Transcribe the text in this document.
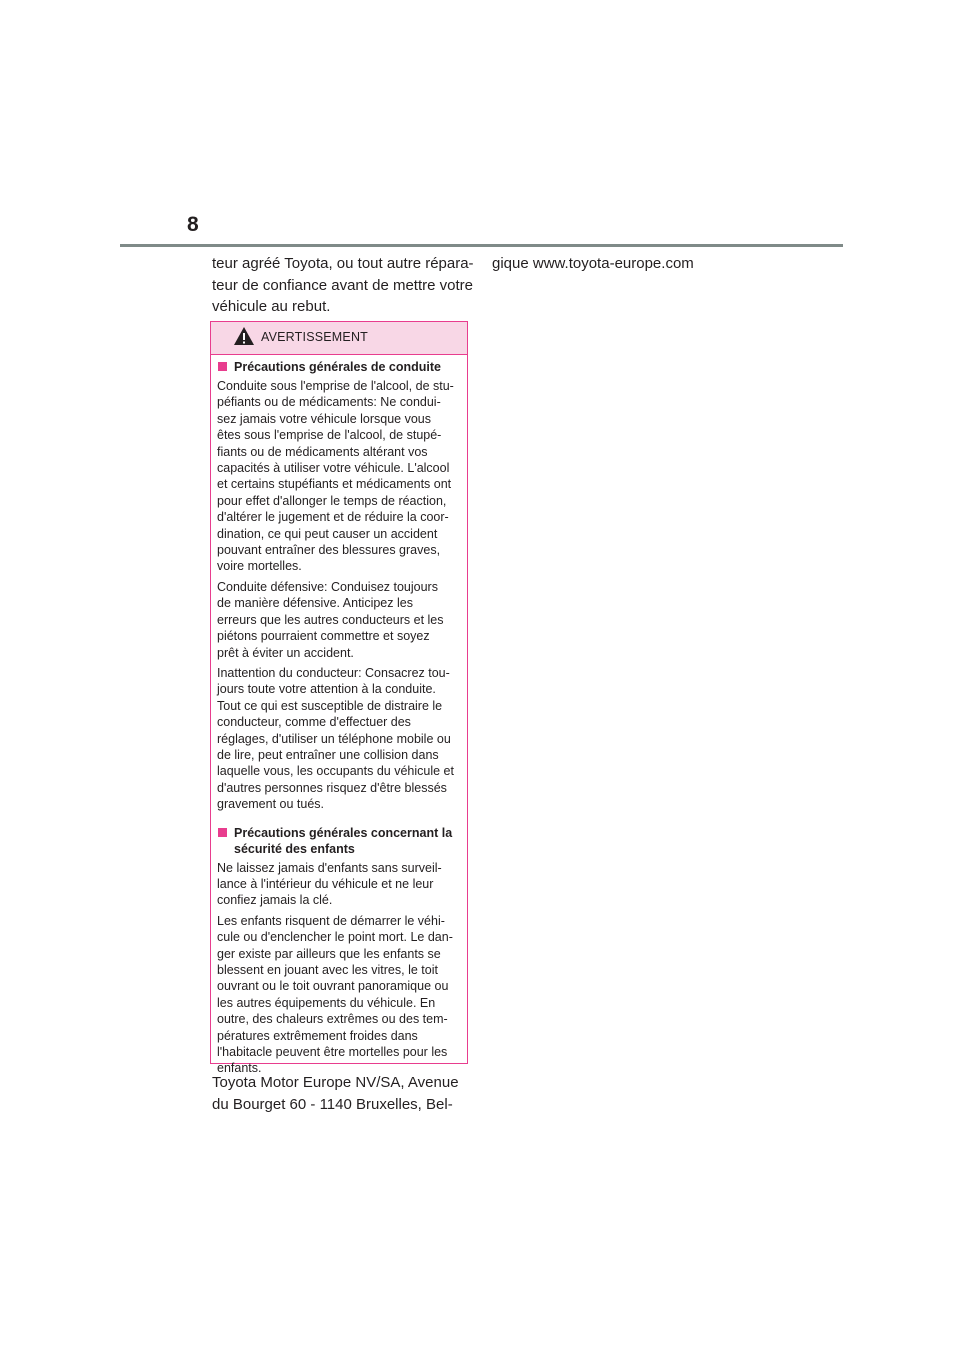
8

teur agréé Toyota, ou tout autre répara-
teur de confiance avant de mettre votre
véhicule au rebut.

gique www.toyota-europe.com

AVERTISSEMENT
Précautions générales de conduite

Conduite sous l'emprise de l'alcool, de stu-
péfiants ou de médicaments: Ne condui-
sez jamais votre véhicule lorsque vous
êtes sous l'emprise de l'alcool, de stupé-
fiants ou de médicaments altérant vos
capacités à utiliser votre véhicule. L'alcool
et certains stupéfiants et médicaments ont
pour effet d'allonger le temps de réaction,
d'altérer le jugement et de réduire la coor-
dination, ce qui peut causer un accident
pouvant entraîner des blessures graves,
voire mortelles.

Conduite défensive: Conduisez toujours
de manière défensive. Anticipez les
erreurs que les autres conducteurs et les
piétons pourraient commettre et soyez
prêt à éviter un accident.

Inattention du conducteur: Consacrez tou-
jours toute votre attention à la conduite.
Tout ce qui est susceptible de distraire le
conducteur, comme d'effectuer des
réglages, d'utiliser un téléphone mobile ou
de lire, peut entraîner une collision dans
laquelle vous, les occupants du véhicule et
d'autres personnes risquez d'être blessés
gravement ou tués.

Précautions générales concernant la
sécurité des enfants

Ne laissez jamais d'enfants sans surveil-
lance à l'intérieur du véhicule et ne leur
confiez jamais la clé.

Les enfants risquent de démarrer le véhi-
cule ou d'enclencher le point mort. Le dan-
ger existe par ailleurs que les enfants se
blessent en jouant avec les vitres, le toit
ouvrant ou le toit ouvrant panoramique ou
les autres équipements du véhicule. En
outre, des chaleurs extrêmes ou des tem-
pératures extrêmement froides dans
l'habitacle peuvent être mortelles pour les
enfants.

Toyota Motor Europe NV/SA, Avenue
du Bourget 60 - 1140 Bruxelles, Bel-
